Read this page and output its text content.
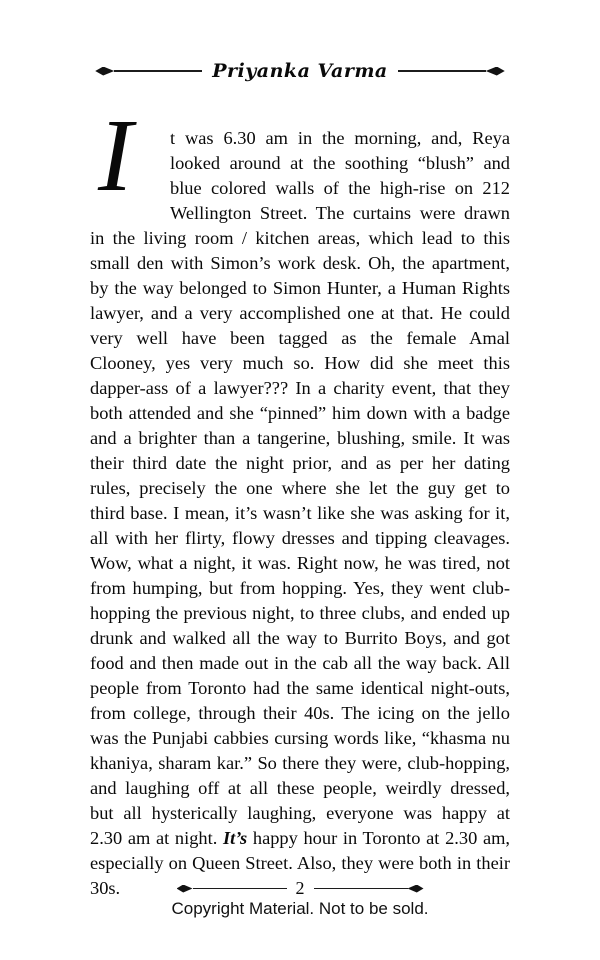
Priyanka Varma

I	t was 6.30 am in the morning, and, Reya looked around at the soothing “blush” and blue colored walls of the high-rise on 212 Wellington Street. The curtains were drawn in the living room / kitchen areas, which lead to this small den with Simon’s work desk. Oh, the apartment, by the way belonged to Simon Hunter, a Human Rights lawyer, and a very accomplished one at that. He could very well have been tagged as the female Amal Clooney, yes very much so. How did she meet this dapper-ass of a lawyer??? In a charity event, that they both attended and she “pinned” him down with a badge and a brighter than a tangerine, blushing, smile. It was their third date the night prior, and as per her dating rules, precisely the one where she let the guy get to third base. I mean, it’s wasn’t like she was asking for it, all with her flirty, flowy dresses and tipping cleavages. Wow, what a night, it was. Right now, he was tired, not from humping, but from hopping. Yes, they went club-hopping the previous night, to three clubs, and ended up drunk and walked all the way to Burrito Boys, and got food and then made out in the cab all the way back. All people from Toronto had the same identical night-outs, from college, through their 40s. The icing on the jello was the Punjabi cabbies cursing words like, “khasma nu khaniya, sharam kar.” So there they were, club-hopping, and laughing off at all these people, weirdly dressed, but all hysterically laughing, everyone was happy at 2.30 am at night. It’s happy hour in Toronto at 2.30 am, especially on Queen Street. Also, they were both in their 30s.	2
Copyright Material. Not to be sold.
